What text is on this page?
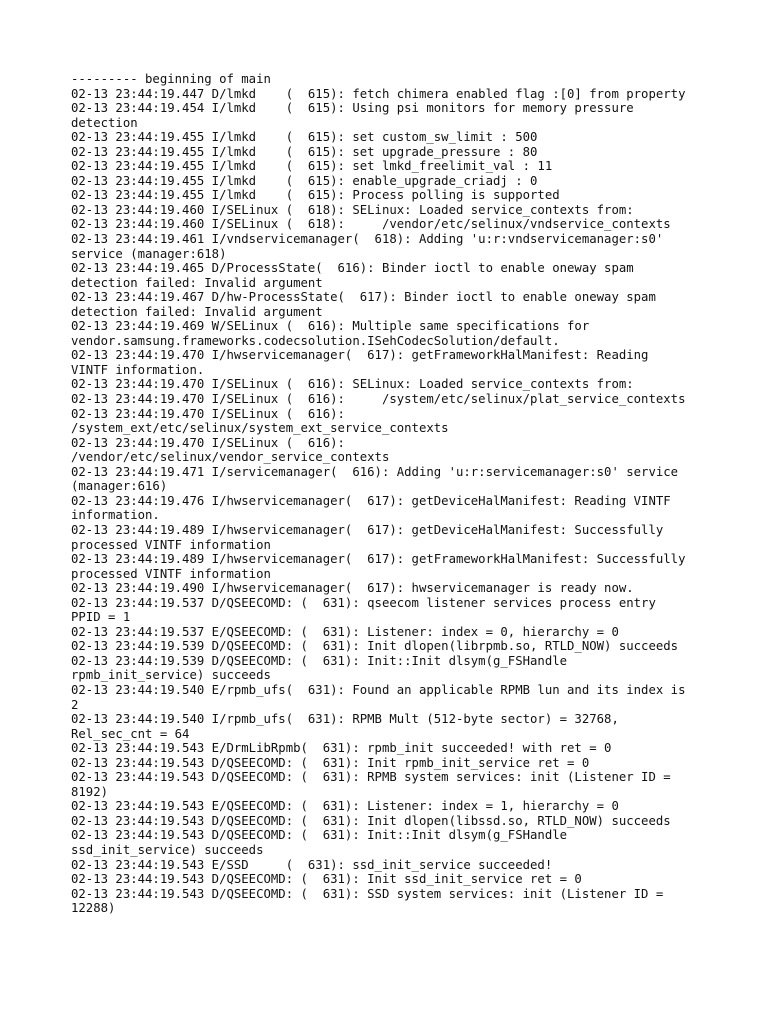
--------- beginning of main
02-13 23:44:19.447 D/lmkd    (  615): fetch chimera enabled flag :[0] from property
02-13 23:44:19.454 I/lmkd    (  615): Using psi monitors for memory pressure
detection
02-13 23:44:19.455 I/lmkd    (  615): set custom_sw_limit : 500
02-13 23:44:19.455 I/lmkd    (  615): set upgrade_pressure : 80
02-13 23:44:19.455 I/lmkd    (  615): set lmkd_freelimit_val : 11
02-13 23:44:19.455 I/lmkd    (  615): enable_upgrade_criadj : 0
02-13 23:44:19.455 I/lmkd    (  615): Process polling is supported
02-13 23:44:19.460 I/SELinux (  618): SELinux: Loaded service_contexts from:
02-13 23:44:19.460 I/SELinux (  618):     /vendor/etc/selinux/vndservice_contexts
02-13 23:44:19.461 I/vndservicemanager(  618): Adding 'u:r:vndservicemanager:s0'
service (manager:618)
02-13 23:44:19.465 D/ProcessState(  616): Binder ioctl to enable oneway spam
detection failed: Invalid argument
02-13 23:44:19.467 D/hw-ProcessState(  617): Binder ioctl to enable oneway spam
detection failed: Invalid argument
02-13 23:44:19.469 W/SELinux (  616): Multiple same specifications for
vendor.samsung.frameworks.codecsolution.ISehCodecSolution/default.
02-13 23:44:19.470 I/hwservicemanager(  617): getFrameworkHalManifest: Reading
VINTF information.
02-13 23:44:19.470 I/SELinux (  616): SELinux: Loaded service_contexts from:
02-13 23:44:19.470 I/SELinux (  616):     /system/etc/selinux/plat_service_contexts
02-13 23:44:19.470 I/SELinux (  616):
/system_ext/etc/selinux/system_ext_service_contexts
02-13 23:44:19.470 I/SELinux (  616):
/vendor/etc/selinux/vendor_service_contexts
02-13 23:44:19.471 I/servicemanager(  616): Adding 'u:r:servicemanager:s0' service
(manager:616)
02-13 23:44:19.476 I/hwservicemanager(  617): getDeviceHalManifest: Reading VINTF
information.
02-13 23:44:19.489 I/hwservicemanager(  617): getDeviceHalManifest: Successfully
processed VINTF information
02-13 23:44:19.489 I/hwservicemanager(  617): getFrameworkHalManifest: Successfully
processed VINTF information
02-13 23:44:19.490 I/hwservicemanager(  617): hwservicemanager is ready now.
02-13 23:44:19.537 D/QSEECOMD: (  631): qseecom listener services process entry
PPID = 1
02-13 23:44:19.537 E/QSEECOMD: (  631): Listener: index = 0, hierarchy = 0
02-13 23:44:19.539 D/QSEECOMD: (  631): Init dlopen(librpmb.so, RTLD_NOW) succeeds
02-13 23:44:19.539 D/QSEECOMD: (  631): Init::Init dlsym(g_FSHandle
rpmb_init_service) succeeds
02-13 23:44:19.540 E/rpmb_ufs(  631): Found an applicable RPMB lun and its index is
2
02-13 23:44:19.540 I/rpmb_ufs(  631): RPMB Mult (512-byte sector) = 32768,
Rel_sec_cnt = 64
02-13 23:44:19.543 E/DrmLibRpmb(  631): rpmb_init succeeded! with ret = 0
02-13 23:44:19.543 D/QSEECOMD: (  631): Init rpmb_init_service ret = 0
02-13 23:44:19.543 D/QSEECOMD: (  631): RPMB system services: init (Listener ID =
8192)
02-13 23:44:19.543 E/QSEECOMD: (  631): Listener: index = 1, hierarchy = 0
02-13 23:44:19.543 D/QSEECOMD: (  631): Init dlopen(libssd.so, RTLD_NOW) succeeds
02-13 23:44:19.543 D/QSEECOMD: (  631): Init::Init dlsym(g_FSHandle
ssd_init_service) succeeds
02-13 23:44:19.543 E/SSD     (  631): ssd_init_service succeeded!
02-13 23:44:19.543 D/QSEECOMD: (  631): Init ssd_init_service ret = 0
02-13 23:44:19.543 D/QSEECOMD: (  631): SSD system services: init (Listener ID =
12288)
